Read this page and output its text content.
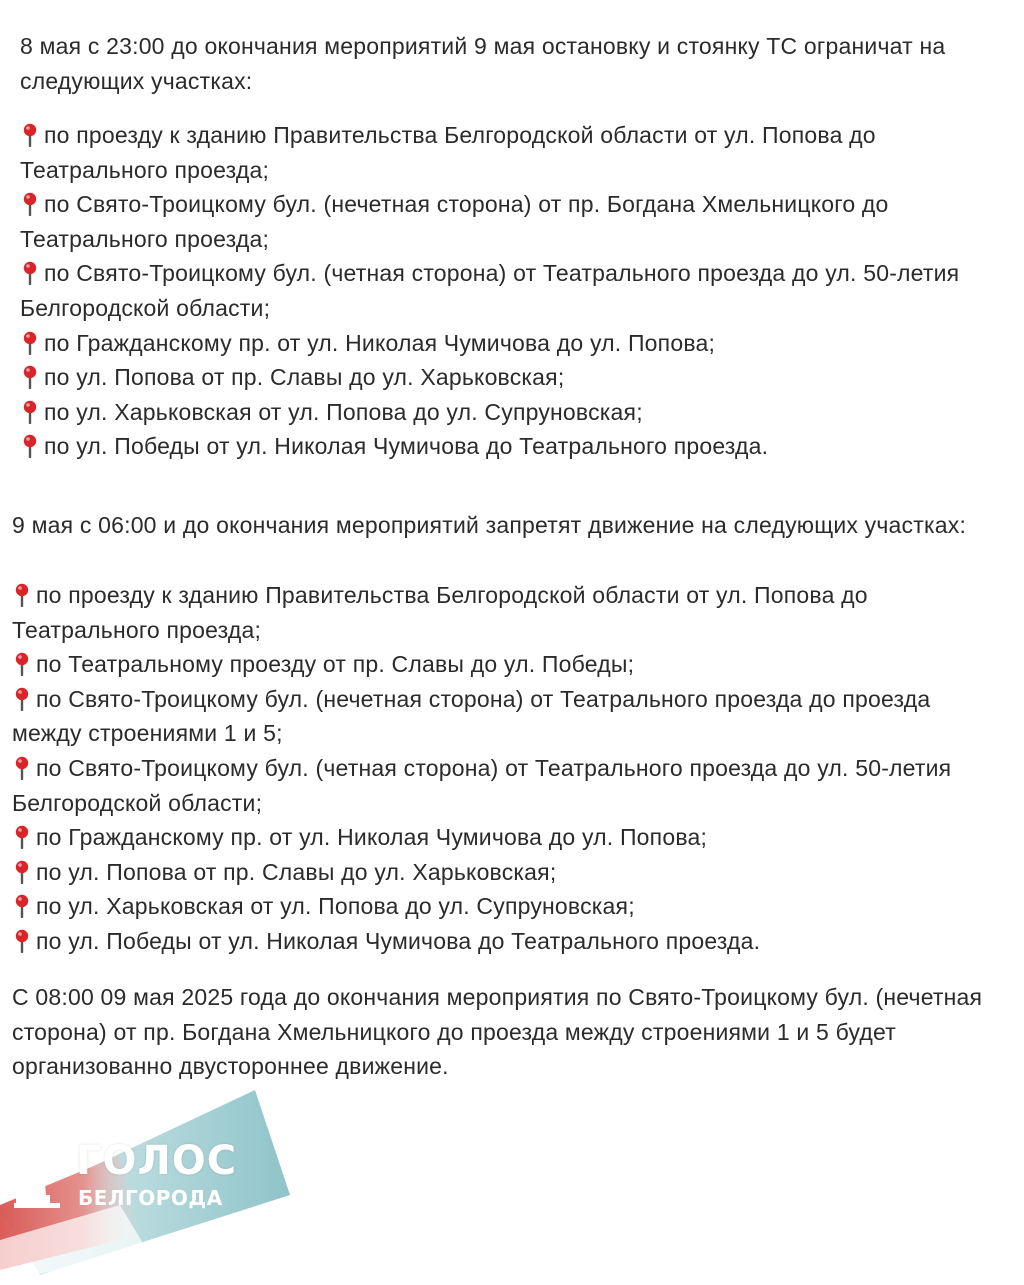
8 мая с 23:00 до окончания мероприятий 9 мая остановку и стоянку ТС ограничат на следующих участках:

по проезду к зданию Правительства Белгородской области от ул. Попова до Театрального проезда;
по Свято-Троицкому бул. (нечетная сторона) от пр. Богдана Хмельницкого до Театрального проезда;
по Свято-Троицкому бул. (четная сторона) от Театрального проезда до ул. 50-летия Белгородской области;
по Гражданскому пр. от ул. Николая Чумичова до ул. Попова;
по ул. Попова от пр. Славы до ул. Харьковская;
по ул. Харьковская от ул. Попова до ул. Супруновская;
по ул. Победы от ул. Николая Чумичова до Театрального проезда.

9 мая с 06:00 и до окончания мероприятий запретят движение на следующих участках:

по проезду к зданию Правительства Белгородской области от ул. Попова до Театрального проезда;
по Театральному проезду от пр. Славы до ул. Победы;
по Свято-Троицкому бул. (нечетная сторона) от Театрального проезда до проезда между строениями 1 и 5;
по Свято-Троицкому бул. (четная сторона) от Театрального проезда до ул. 50-летия Белгородской области;
по Гражданскому пр. от ул. Николая Чумичова до ул. Попова;
по ул. Попова от пр. Славы до ул. Харьковская;
по ул. Харьковская от ул. Попова до ул. Супруновская;
по ул. Победы от ул. Николая Чумичова до Театрального проезда.

С 08:00 09 мая 2025 года до окончания мероприятия по Свято-Троицкому бул. (нечетная сторона) от пр. Богдана Хмельницкого до проезда между строениями 1 и 5 будет организованно двустороннее движение.

ГОЛОС
БЕЛГОРОДА
